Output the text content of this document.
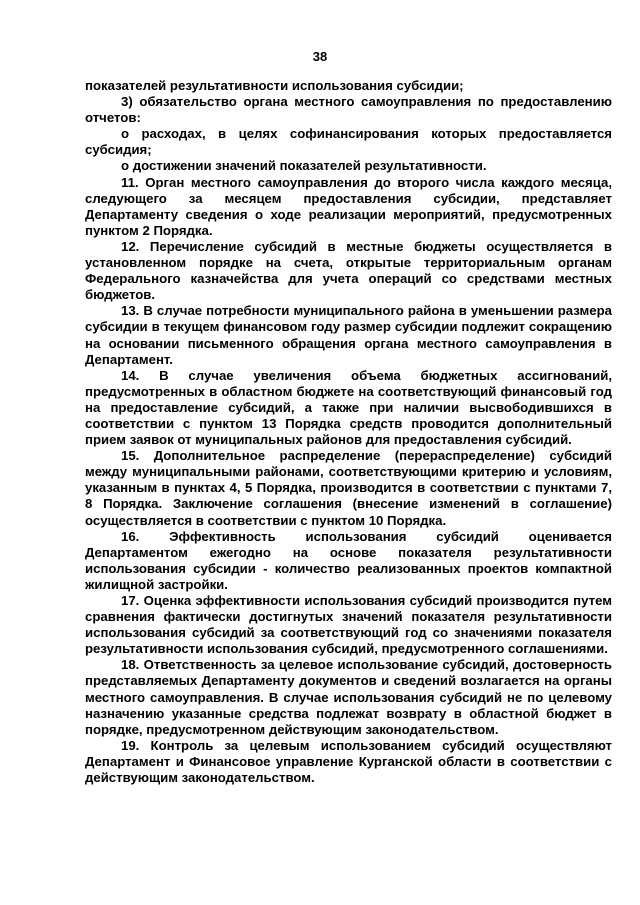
38

показателей результативности использования субсидии;

3) обязательство органа местного самоуправления по предоставлению отчетов:

о расходах, в целях софинансирования которых предоставляется субсидия;

о достижении значений показателей результативности.

11. Орган местного самоуправления до второго числа каждого месяца, следующего за месяцем предоставления субсидии, представляет Департаменту сведения о ходе реализации мероприятий, предусмотренных пунктом 2 Порядка.

12. Перечисление субсидий в местные бюджеты осуществляется в установленном порядке на счета, открытые территориальным органам Федерального казначейства для учета операций со средствами местных бюджетов.

13. В случае потребности муниципального района в уменьшении размера субсидии в текущем финансовом году размер субсидии подлежит сокращению на основании письменного обращения органа местного самоуправления в Департамент.

14. В случае увеличения объема бюджетных ассигнований, предусмотренных в областном бюджете на соответствующий финансовый год на предоставление субсидий, а также при наличии высвободившихся в соответствии с пунктом 13 Порядка средств проводится дополнительный прием заявок от муниципальных районов для предоставления субсидий.

15. Дополнительное распределение (перераспределение) субсидий между муниципальными районами, соответствующими критерию и условиям, указанным в пунктах 4, 5 Порядка, производится в соответствии с пунктами 7, 8 Порядка. Заключение соглашения (внесение изменений в соглашение) осуществляется в соответствии с пунктом 10 Порядка.

16. Эффективность использования субсидий оценивается Департаментом ежегодно на основе показателя результативности использования субсидии - количество реализованных проектов компактной жилищной застройки.

17. Оценка эффективности использования субсидий производится путем сравнения фактически достигнутых значений показателя результативности использования субсидий за соответствующий год со значениями показателя результативности использования субсидий, предусмотренного соглашениями.

18. Ответственность за целевое использование субсидий, достоверность представляемых Департаменту документов и сведений возлагается на органы местного самоуправления. В случае использования субсидий не по целевому назначению указанные средства подлежат возврату в областной бюджет в порядке, предусмотренном действующим законодательством.

19. Контроль за целевым использованием субсидий осуществляют Департамент и Финансовое управление Курганской области в соответствии с действующим законодательством.
